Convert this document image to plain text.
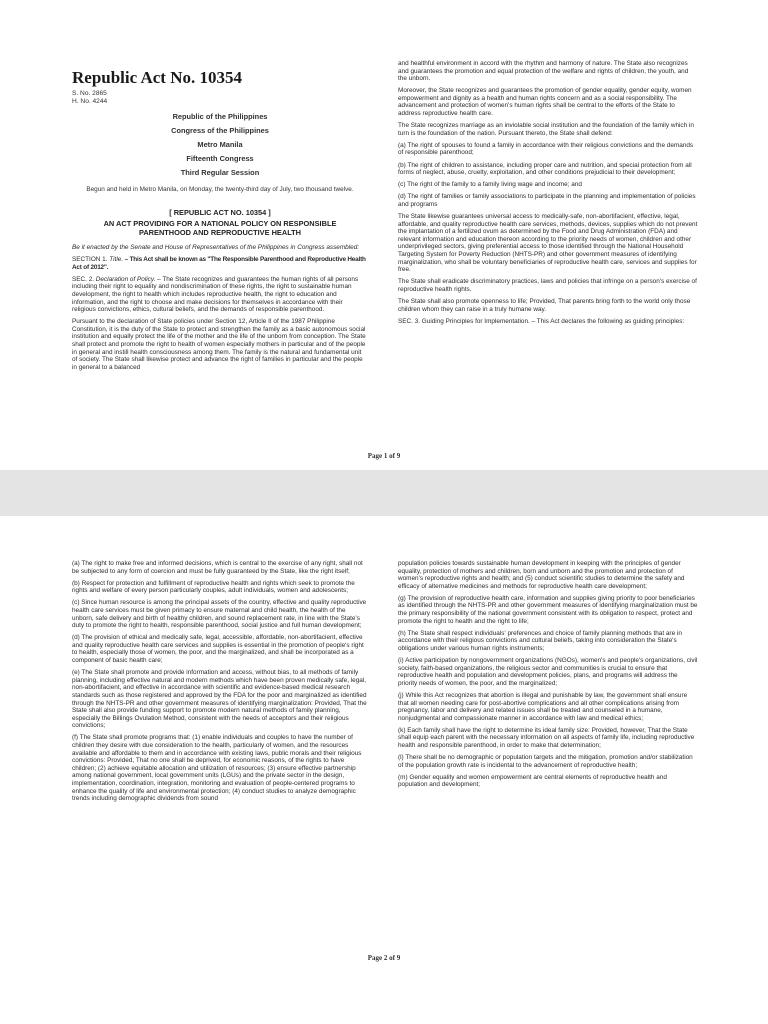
Republic Act No. 10354
S. No. 2865
H. No. 4244
Republic of the Philippines
Congress of the Philippines
Metro Manila
Fifteenth Congress
Third Regular Session
Begun and held in Metro Manila, on Monday, the twenty-third day of July, two thousand twelve.
[ REPUBLIC ACT NO. 10354 ]
AN ACT PROVIDING FOR A NATIONAL POLICY ON RESPONSIBLE PARENTHOOD AND REPRODUCTIVE HEALTH

Be it enacted by the Senate and House of Representatives of the Philippines in Congress assembled:

SECTION 1. Title. – This Act shall be known as "The Responsible Parenthood and Reproductive Health Act of 2012".

SEC. 2. Declaration of Policy. – The State recognizes and guarantees the human rights of all persons including their right to equality and nondiscrimination of these rights, the right to sustainable human development, the right to health which includes reproductive health, the right to education and information, and the right to choose and make decisions for themselves in accordance with their religious convictions, ethics, cultural beliefs, and the demands of responsible parenthood.

Pursuant to the declaration of State policies under Section 12, Article II of the 1987 Philippine Constitution, it is the duty of the State to protect and strengthen the family as a basic autonomous social institution and equally protect the life of the mother and the life of the unborn from conception. The State shall protect and promote the right to health of women especially mothers in particular and of the people in general and instill health consciousness among them. The family is the natural and fundamental unit of society. The State shall likewise protect and advance the right of families in particular and the people in general to a balanced

and healthful environment in accord with the rhythm and harmony of nature. The State also recognizes and guarantees the promotion and equal protection of the welfare and rights of children, the youth, and the unborn.

Moreover, the State recognizes and guarantees the promotion of gender equality, gender equity, women empowerment and dignity as a health and human rights concern and as a social responsibility. The advancement and protection of women's human rights shall be central to the efforts of the State to address reproductive health care.

The State recognizes marriage as an inviolable social institution and the foundation of the family which in turn is the foundation of the nation. Pursuant thereto, the State shall defend:

(a) The right of spouses to found a family in accordance with their religious convictions and the demands of responsible parenthood;

(b) The right of children to assistance, including proper care and nutrition, and special protection from all forms of neglect, abuse, cruelty, exploitation, and other conditions prejudicial to their development;

(c) The right of the family to a family living wage and income; and

(d) The right of families or family associations to participate in the planning and implementation of policies and programs

The State likewise guarantees universal access to medically-safe, non-abortifacient, effective, legal, affordable, and quality reproductive health care services, methods, devices, supplies which do not prevent the implantation of a fertilized ovum as determined by the Food and Drug Administration (FDA) and relevant information and education thereon according to the priority needs of women, children and other underprivileged sectors, giving preferential access to those identified through the National Household Targeting System for Poverty Reduction (NHTS-PR) and other government measures of identifying marginalization, who shall be voluntary beneficiaries of reproductive health care, services and supplies for free.

The State shall eradicate discriminatory practices, laws and policies that infringe on a person's exercise of reproductive health rights.

The State shall also promote openness to life; Provided, That parents bring forth to the world only those children whom they can raise in a truly humane way.

SEC. 3. Guiding Principles for Implementation. – This Act declares the following as guiding principles:

Page 1 of 9

(a) The right to make free and informed decisions, which is central to the exercise of any right, shall not be subjected to any form of coercion and must be fully guaranteed by the State, like the right itself;

(b) Respect for protection and fulfillment of reproductive health and rights which seek to promote the rights and welfare of every person particularly couples, adult individuals, women and adolescents;

(c) Since human resource is among the principal assets of the country, effective and quality reproductive health care services must be given primacy to ensure maternal and child health, the health of the unborn, safe delivery and birth of healthy children, and sound replacement rate, in line with the State's duty to promote the right to health, responsible parenthood, social justice and full human development;

(d) The provision of ethical and medically safe, legal, accessible, affordable, non-abortifacient, effective and quality reproductive health care services and supplies is essential in the promotion of people's right to health, especially those of women, the poor, and the marginalized, and shall be incorporated as a component of basic health care;

(e) The State shall promote and provide information and access, without bias, to all methods of family planning, including effective natural and modern methods which have been proven medically safe, legal, non-abortifacient, and effective in accordance with scientific and evidence-based medical research standards such as those registered and approved by the FDA for the poor and marginalized as identified through the NHTS-PR and other government measures of identifying marginalization: Provided, That the State shall also provide funding support to promote modern natural methods of family planning, especially the Billings Ovulation Method, consistent with the needs of acceptors and their religious convictions;

(f) The State shall promote programs that: (1) enable individuals and couples to have the number of children they desire with due consideration to the health, particularly of women, and the resources available and affordable to them and in accordance with existing laws, public morals and their religious convictions: Provided, That no one shall be deprived, for economic reasons, of the rights to have children; (2) achieve equitable allocation and utilization of resources; (3) ensure effective partnership among national government, local government units (LGUs) and the private sector in the design, implementation, coordination, integration, monitoring and evaluation of people-centered programs to enhance the quality of life and environmental protection; (4) conduct studies to analyze demographic trends including demographic dividends from sound

population policies towards sustainable human development in keeping with the principles of gender equality, protection of mothers and children, born and unborn and the promotion and protection of women's reproductive rights and health; and (5) conduct scientific studies to determine the safety and efficacy of alternative medicines and methods for reproductive health care development;

(g) The provision of reproductive health care, information and supplies giving priority to poor beneficiaries as identified through the NHTS-PR and other government measures of identifying marginalization must be the primary responsibility of the national government consistent with its obligation to respect, protect and promote the right to health and the right to life;

(h) The State shall respect individuals' preferences and choice of family planning methods that are in accordance with their religious convictions and cultural beliefs, taking into consideration the State's obligations under various human rights instruments;

(i) Active participation by nongovernment organizations (NGOs), women's and people's organizations, civil society, faith-based organizations, the religious sector and communities is crucial to ensure that reproductive health and population and development policies, plans, and programs will address the priority needs of women, the poor, and the marginalized;

(j) While this Act recognizes that abortion is illegal and punishable by law, the government shall ensure that all women needing care for post-abortive complications and all other complications arising from pregnancy, labor and delivery and related issues shall be treated and counseled in a humane, nonjudgmental and compassionate manner in accordance with law and medical ethics;

(k) Each family shall have the right to determine its ideal family size: Provided, however, That the State shall equip each parent with the necessary information on all aspects of family life, including reproductive health and responsible parenthood, in order to make that determination;

(l) There shall be no demographic or population targets and the mitigation, promotion and/or stabilization of the population growth rate is incidental to the advancement of reproductive health;

(m) Gender equality and women empowerment are central elements of reproductive health and population and development;

Page 2 of 9
